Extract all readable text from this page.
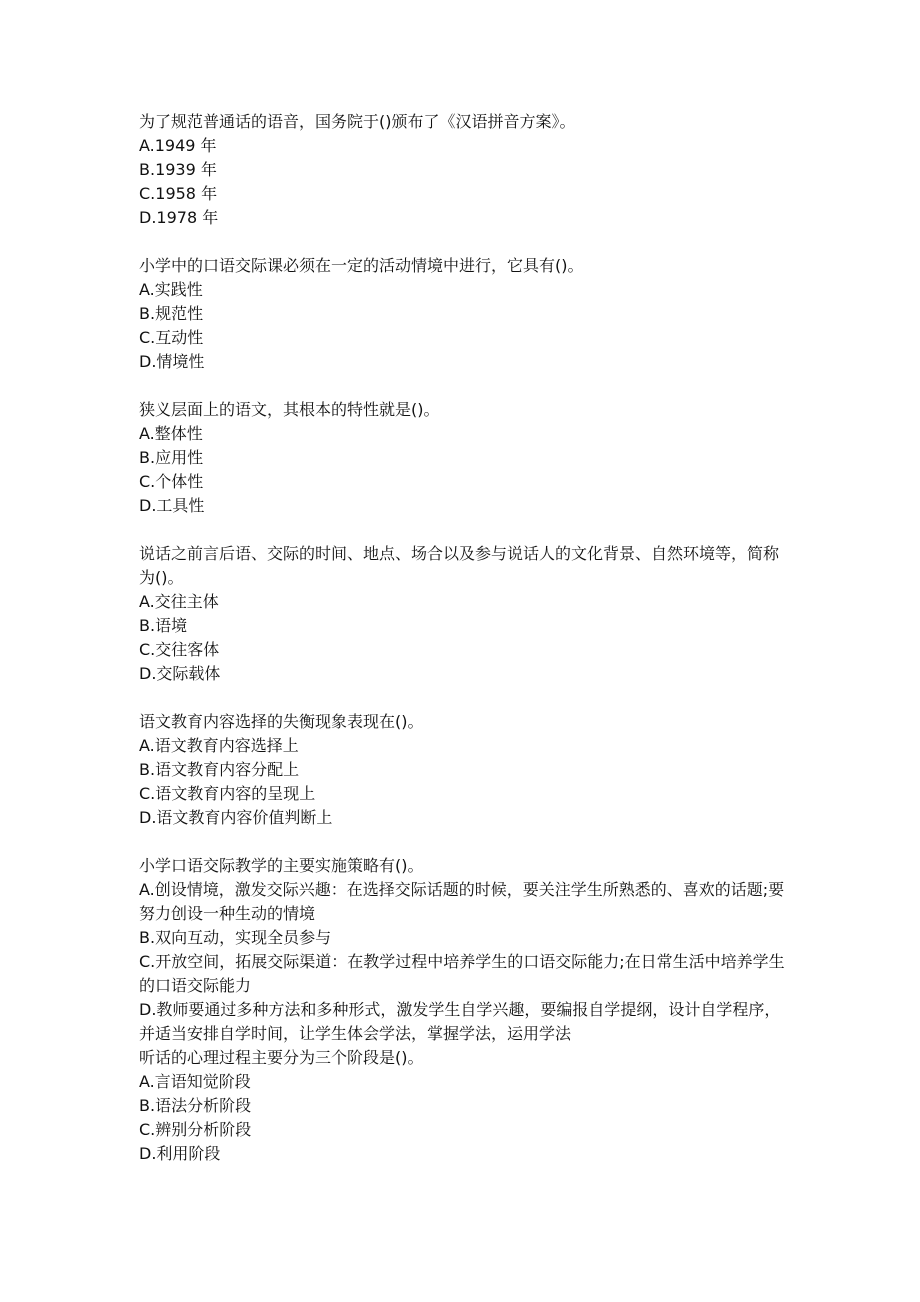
为了规范普通话的语音，国务院于()颁布了《汉语拼音方案》。

A.1949 年

B.1939 年

C.1958 年

D.1978 年

小学中的口语交际课必须在一定的活动情境中进行，它具有()。

A.实践性

B.规范性

C.互动性

D.情境性

狭义层面上的语文，其根本的特性就是()。

A.整体性

B.应用性

C.个体性

D.工具性

说话之前言后语、交际的时间、地点、场合以及参与说话人的文化背景、自然环境等，简称为()。

A.交往主体

B.语境

C.交往客体

D.交际载体

语文教育内容选择的失衡现象表现在()。

A.语文教育内容选择上

B.语文教育内容分配上

C.语文教育内容的呈现上

D.语文教育内容价值判断上

小学口语交际教学的主要实施策略有()。

A.创设情境，激发交际兴趣：在选择交际话题的时候，要关注学生所熟悉的、喜欢的话题;要努力创设一种生动的情境

B.双向互动，实现全员参与

C.开放空间，拓展交际渠道：在教学过程中培养学生的口语交际能力;在日常生活中培养学生的口语交际能力

D.教师要通过多种方法和多种形式，激发学生自学兴趣，要编报自学提纲，设计自学程序，并适当安排自学时间，让学生体会学法，掌握学法，运用学法

听话的心理过程主要分为三个阶段是()。

A.言语知觉阶段

B.语法分析阶段

C.辨别分析阶段

D.利用阶段
